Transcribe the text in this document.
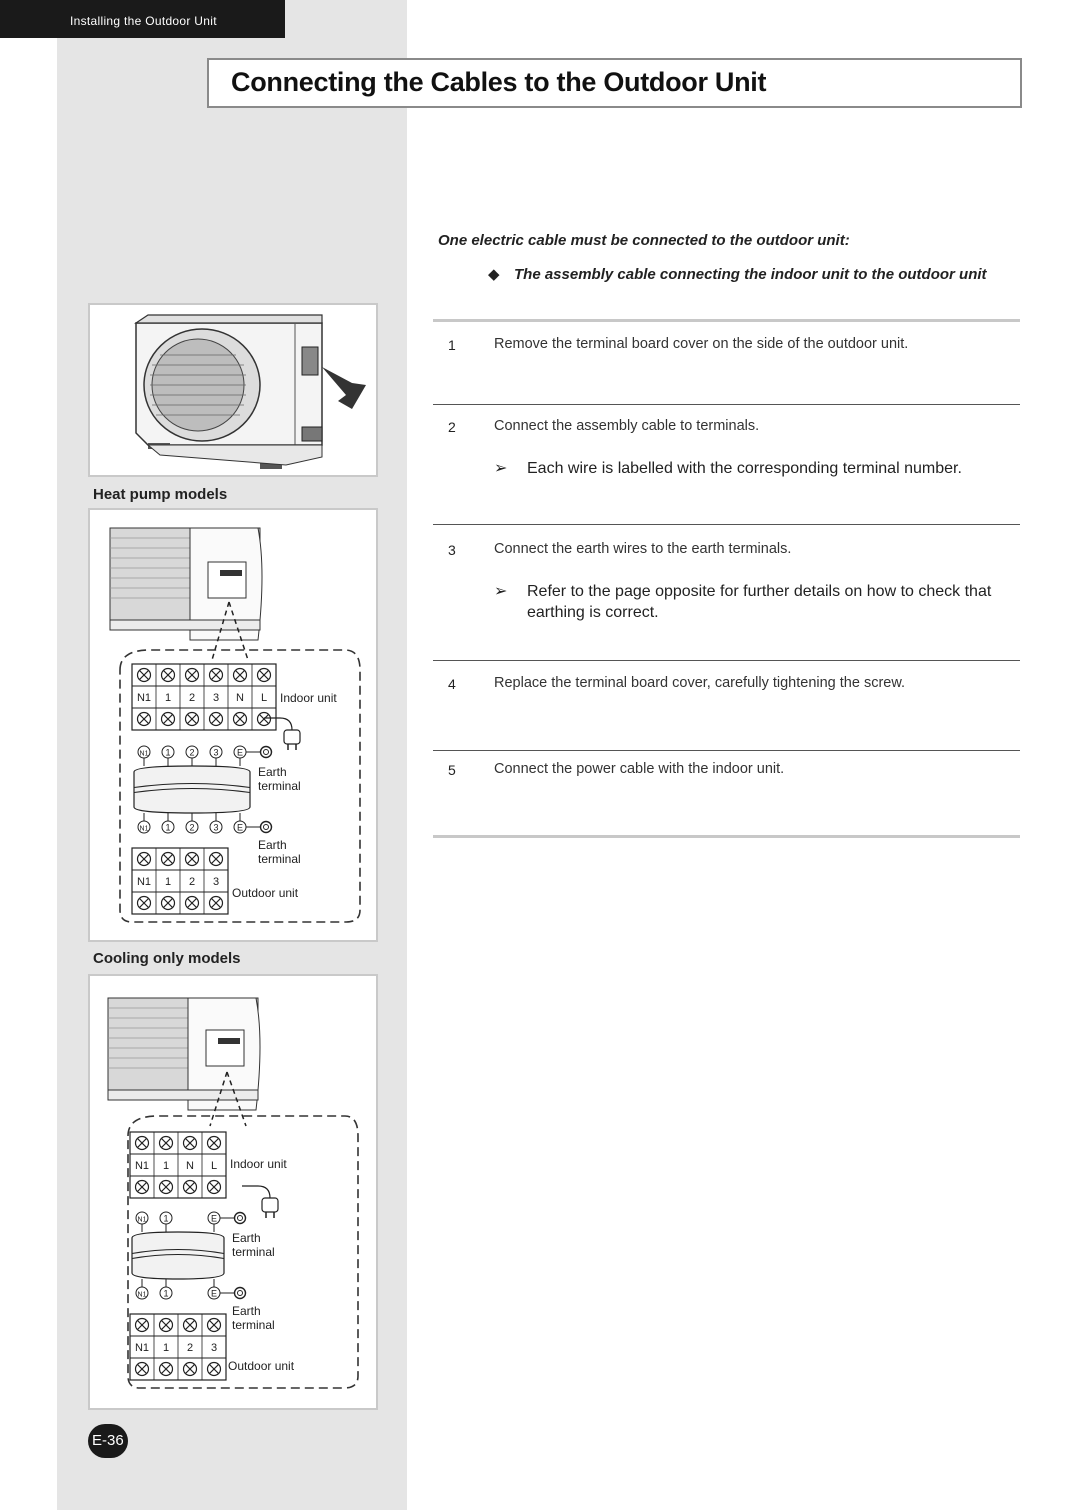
Installing the Outdoor Unit
Connecting the Cables to the Outdoor Unit
One electric cable must be connected to the outdoor unit:
◆ The assembly cable connecting the indoor unit to the outdoor unit
1	Remove the terminal board cover on the side of the outdoor unit.
2	Connect the assembly cable to terminals.
➢ Each wire is labelled with the corresponding terminal number.
3	Connect the earth wires to the earth terminals.
➢ Refer to the page opposite for further details on how to check that earthing is correct.
4	Replace the terminal board cover, carefully tightening the screw.
5	Connect the power cable with the indoor unit.
Heat pump models
N1 1 2 3 N L Indoor unit
N1
N1
1
1
2
2
3
3
E
E
Earth
terminal
Earth
terminal
N1 1 2 3
Outdoor unit
Cooling only models
N1 1 N L Indoor unit
N1
N1
1
1
E
E
Earth
terminal
Earth
terminal
N1 1 2 3
Outdoor unit
E-36
